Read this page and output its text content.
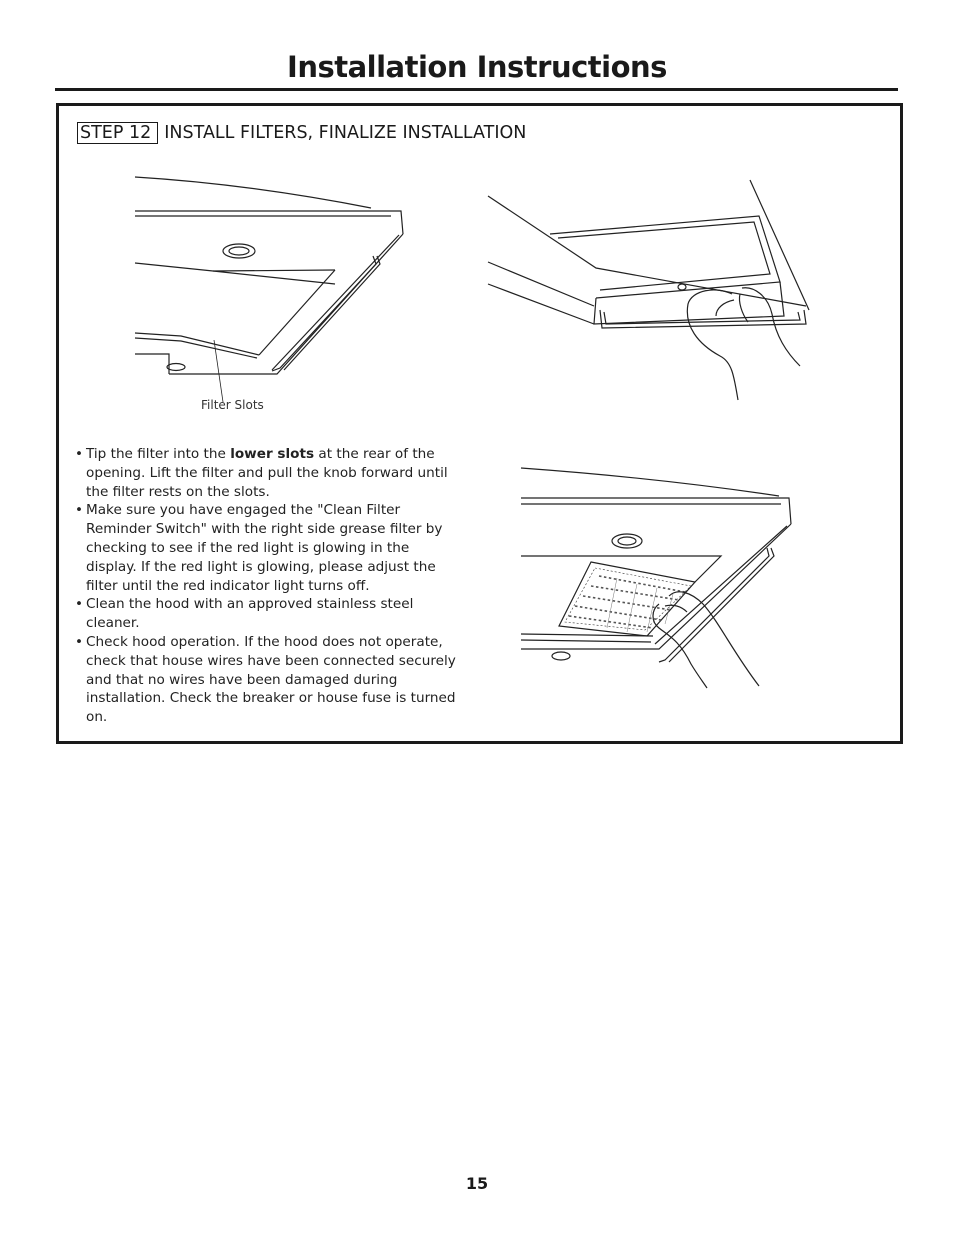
Installation Instructions
STEP 12 INSTALL FILTERS, FINALIZE INSTALLATION
Filter Slots
• Tip the filter into the lower slots at the rear of the opening. Lift the filter and pull the knob forward until the filter rests on the slots.
• Make sure you have engaged the "Clean Filter Reminder Switch" with the right side grease filter by checking to see if the red light is glowing in the display. If the red light is glowing, please adjust the filter until the red indicator light turns off.
• Clean the hood with an approved stainless steel cleaner.
• Check hood operation. If the hood does not operate, check that house wires have been connected securely and that no wires have been damaged during installation. Check the breaker or house fuse is turned on.
15
